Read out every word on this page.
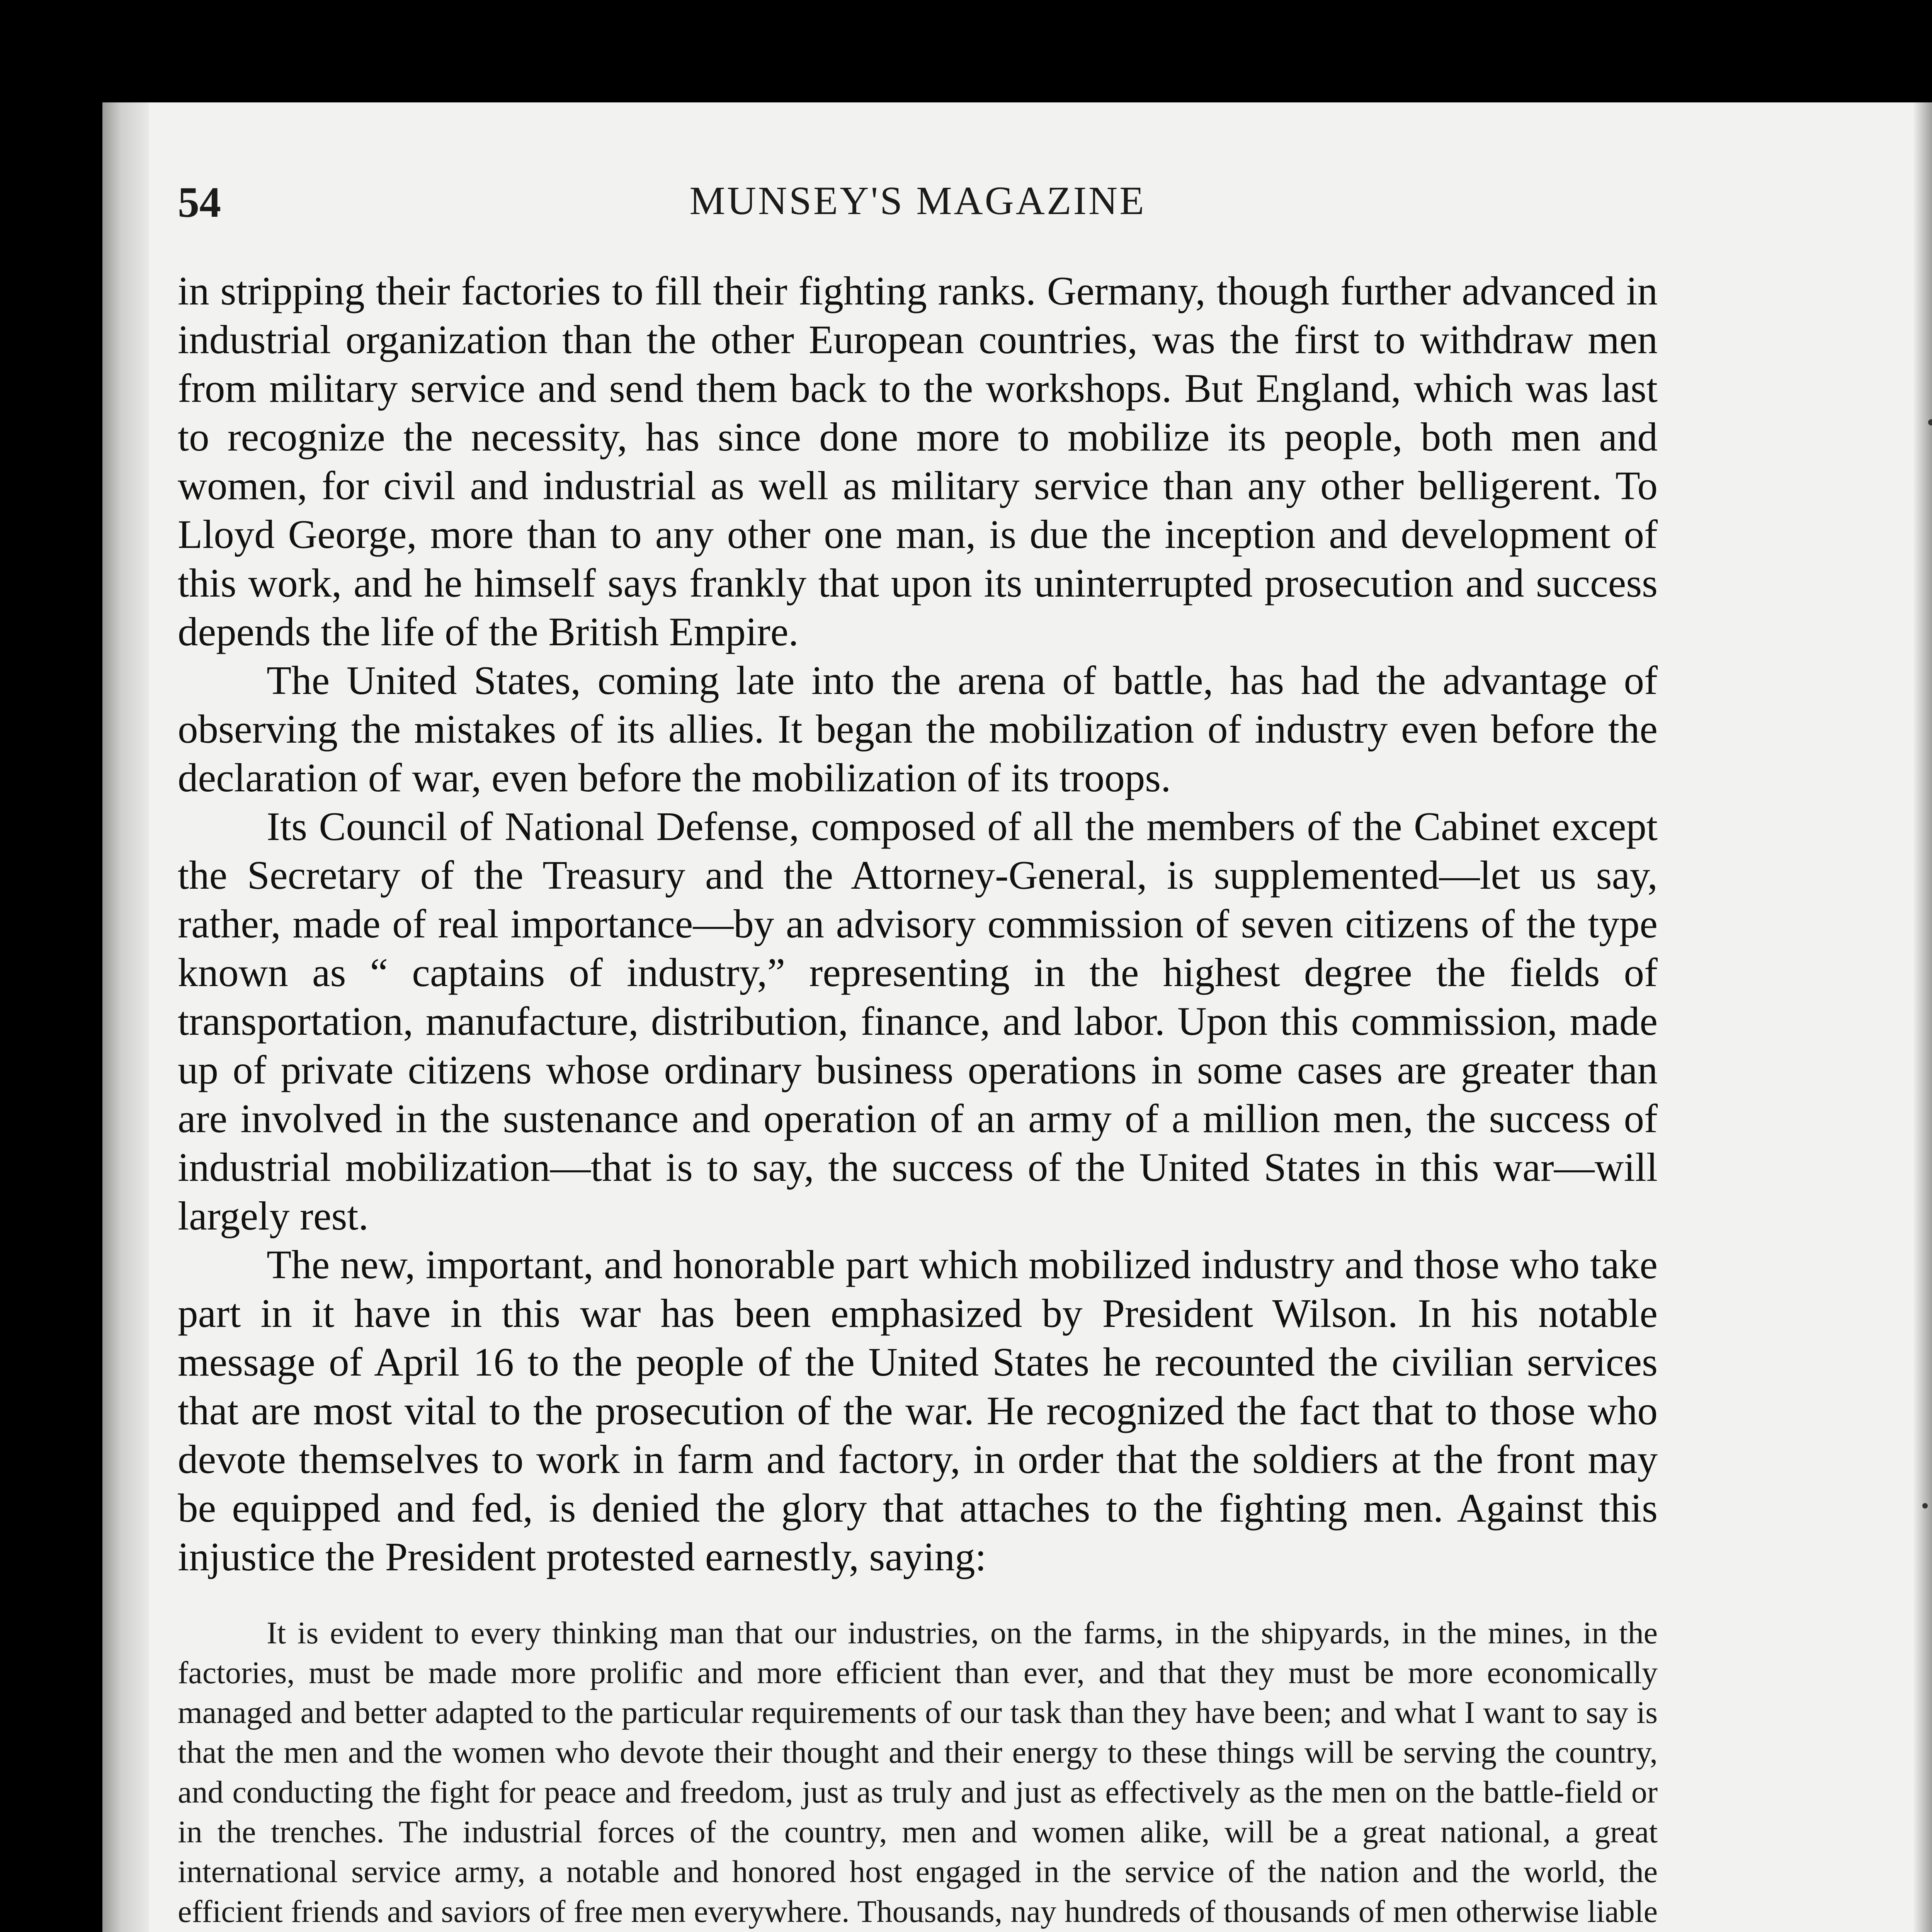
54	MUNSEY'S MAGAZINE

in stripping their factories to fill their fighting ranks. Germany, though further advanced in industrial organization than the other European countries, was the first to withdraw men from military service and send them back to the workshops. But England, which was last to recognize the necessity, has since done more to mobilize its people, both men and women, for civil and industrial as well as military service than any other belligerent. To Lloyd George, more than to any other one man, is due the inception and development of this work, and he himself says frankly that upon its uninterrupted prosecution and success depends the life of the British Empire.

The United States, coming late into the arena of battle, has had the advantage of observing the mistakes of its allies. It began the mobilization of industry even before the declaration of war, even before the mobilization of its troops.

Its Council of National Defense, composed of all the members of the Cabinet except the Secretary of the Treasury and the Attorney-General, is supplemented—let us say, rather, made of real importance—by an advisory commission of seven citizens of the type known as “ captains of industry,” representing in the highest degree the fields of transportation, manufacture, distribution, finance, and labor. Upon this commission, made up of private citizens whose ordinary business operations in some cases are greater than are involved in the sustenance and operation of an army of a million men, the success of industrial mobilization—that is to say, the success of the United States in this war—will largely rest.

The new, important, and honorable part which mobilized industry and those who take part in it have in this war has been emphasized by President Wilson. In his notable message of April 16 to the people of the United States he recounted the civilian services that are most vital to the prosecution of the war. He recognized the fact that to those who devote themselves to work in farm and factory, in order that the soldiers at the front may be equipped and fed, is denied the glory that attaches to the fighting men. Against this injustice the President protested earnestly, saying:

It is evident to every thinking man that our industries, on the farms, in the shipyards, in the mines, in the factories, must be made more prolific and more efficient than ever, and that they must be more economically managed and better adapted to the particular requirements of our task than they have been; and what I want to say is that the men and the women who devote their thought and their energy to these things will be serving the country, and conducting the fight for peace and freedom, just as truly and just as effectively as the men on the battle-field or in the trenches. The industrial forces of the country, men and women alike, will be a great national, a great international service army, a notable and honored host engaged in the service of the nation and the world, the efficient friends and saviors of free men everywhere. Thousands, nay hundreds of thousands of men otherwise liable
